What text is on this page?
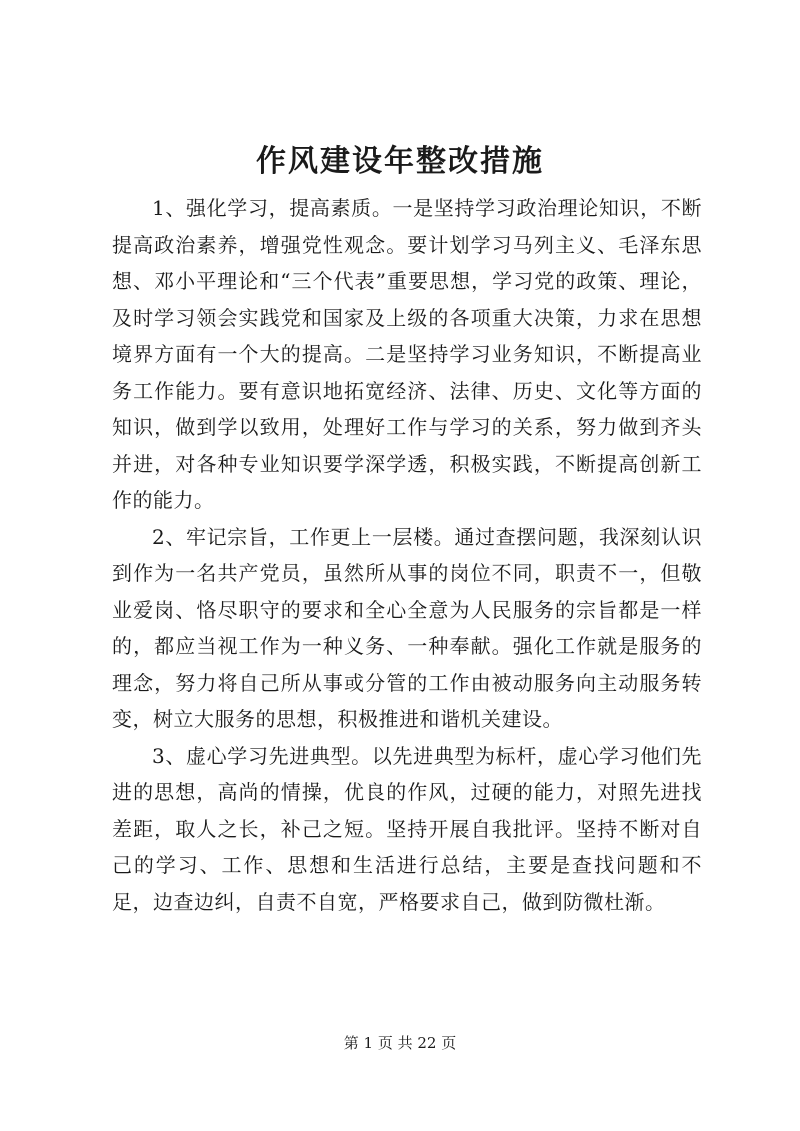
作风建设年整改措施

1、强化学习，提高素质。一是坚持学习政治理论知识，不断提高政治素养，增强党性观念。要计划学习马列主义、毛泽东思想、邓小平理论和“三个代表”重要思想，学习党的政策、理论，及时学习领会实践党和国家及上级的各项重大决策，力求在思想境界方面有一个大的提高。二是坚持学习业务知识，不断提高业务工作能力。要有意识地拓宽经济、法律、历史、文化等方面的知识，做到学以致用，处理好工作与学习的关系，努力做到齐头并进，对各种专业知识要学深学透，积极实践，不断提高创新工作的能力。

2、牢记宗旨，工作更上一层楼。通过查摆问题，我深刻认识到作为一名共产党员，虽然所从事的岗位不同，职责不一，但敬业爱岗、恪尽职守的要求和全心全意为人民服务的宗旨都是一样的，都应当视工作为一种义务、一种奉献。强化工作就是服务的理念，努力将自己所从事或分管的工作由被动服务向主动服务转变，树立大服务的思想，积极推进和谐机关建设。

3、虚心学习先进典型。以先进典型为标杆，虚心学习他们先进的思想，高尚的情操，优良的作风，过硬的能力，对照先进找差距，取人之长，补己之短。坚持开展自我批评。坚持不断对自己的学习、工作、思想和生活进行总结，主要是查找问题和不足，边查边纠，自责不自宽，严格要求自己，做到防微杜渐。

第 1 页 共 22 页
